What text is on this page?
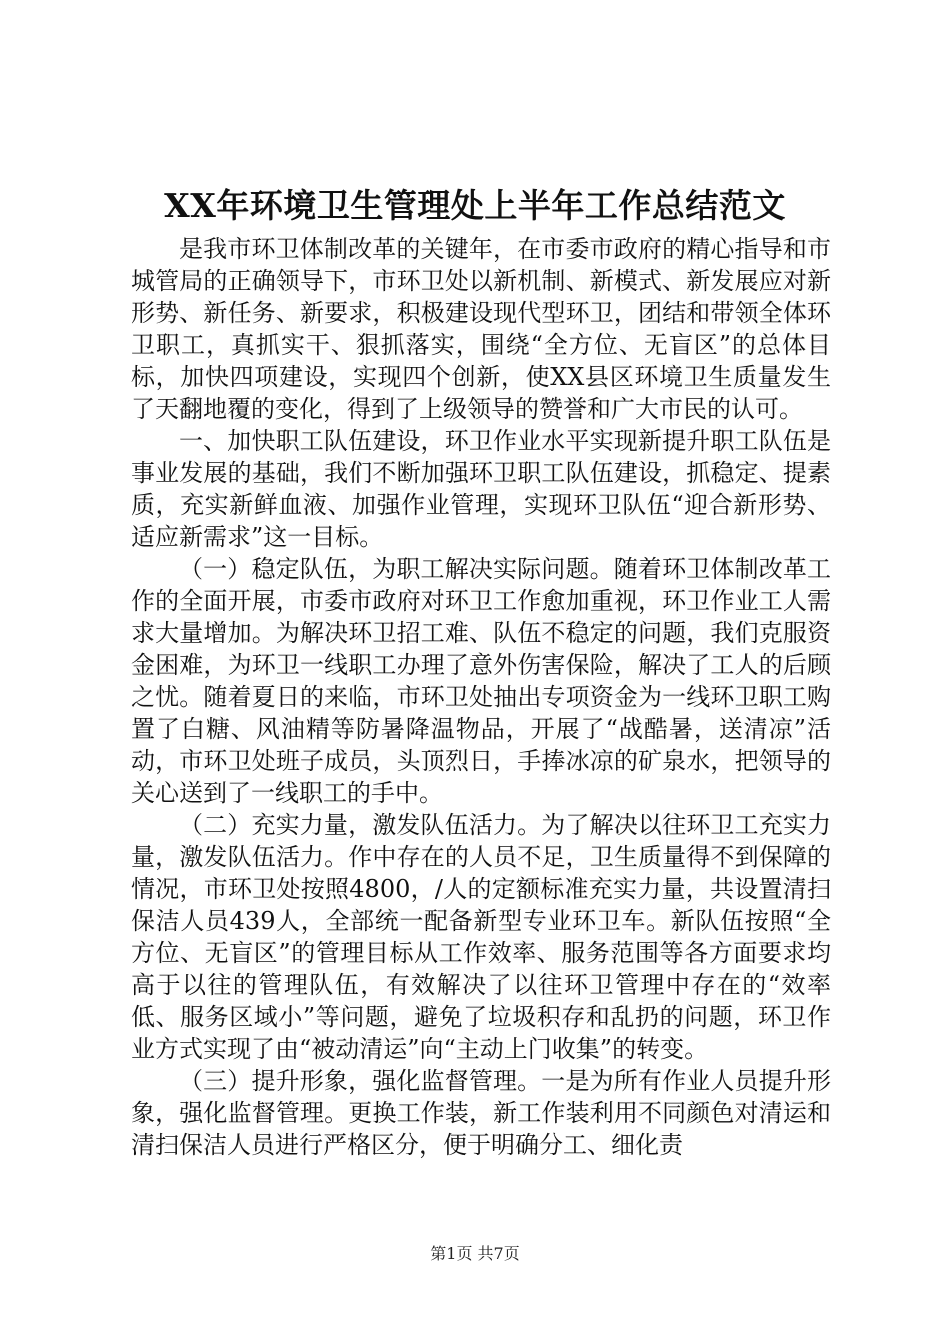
XX年环境卫生管理处上半年工作总结范文

是我市环卫体制改革的关键年，在市委市政府的精心指导和市城管局的正确领导下，市环卫处以新机制、新模式、新发展应对新形势、新任务、新要求，积极建设现代型环卫，团结和带领全体环卫职工，真抓实干、狠抓落实，围绕“全方位、无盲区”的总体目标，加快四项建设，实现四个创新，使XX县区环境卫生质量发生了天翻地覆的变化，得到了上级领导的赞誉和广大市民的认可。

一、加快职工队伍建设，环卫作业水平实现新提升职工队伍是事业发展的基础，我们不断加强环卫职工队伍建设，抓稳定、提素质，充实新鲜血液、加强作业管理，实现环卫队伍“迎合新形势、适应新需求”这一目标。

（一）稳定队伍，为职工解决实际问题。随着环卫体制改革工作的全面开展，市委市政府对环卫工作愈加重视，环卫作业工人需求大量增加。为解决环卫招工难、队伍不稳定的问题，我们克服资金困难，为环卫一线职工办理了意外伤害保险，解决了工人的后顾之忧。随着夏日的来临，市环卫处抽出专项资金为一线环卫职工购置了白糖、风油精等防暑降温物品，开展了“战酷暑，送清凉”活动，市环卫处班子成员，头顶烈日，手捧冰凉的矿泉水，把领导的关心送到了一线职工的手中。

（二）充实力量，激发队伍活力。为了解决以往环卫工充实力量，激发队伍活力。作中存在的人员不足，卫生质量得不到保障的情况，市环卫处按照4800，/人的定额标准充实力量，共设置清扫保洁人员439人，全部统一配备新型专业环卫车。新队伍按照“全方位、无盲区”的管理目标从工作效率、服务范围等各方面要求均高于以往的管理队伍，有效解决了以往环卫管理中存在的“效率低、服务区域小”等问题，避免了垃圾积存和乱扔的问题，环卫作业方式实现了由“被动清运”向“主动上门收集”的转变。

（三）提升形象，强化监督管理。一是为所有作业人员提升形象，强化监督管理。更换工作装，新工作装利用不同颜色对清运和清扫保洁人员进行严格区分，便于明确分工、细化责

第1页 共7页
